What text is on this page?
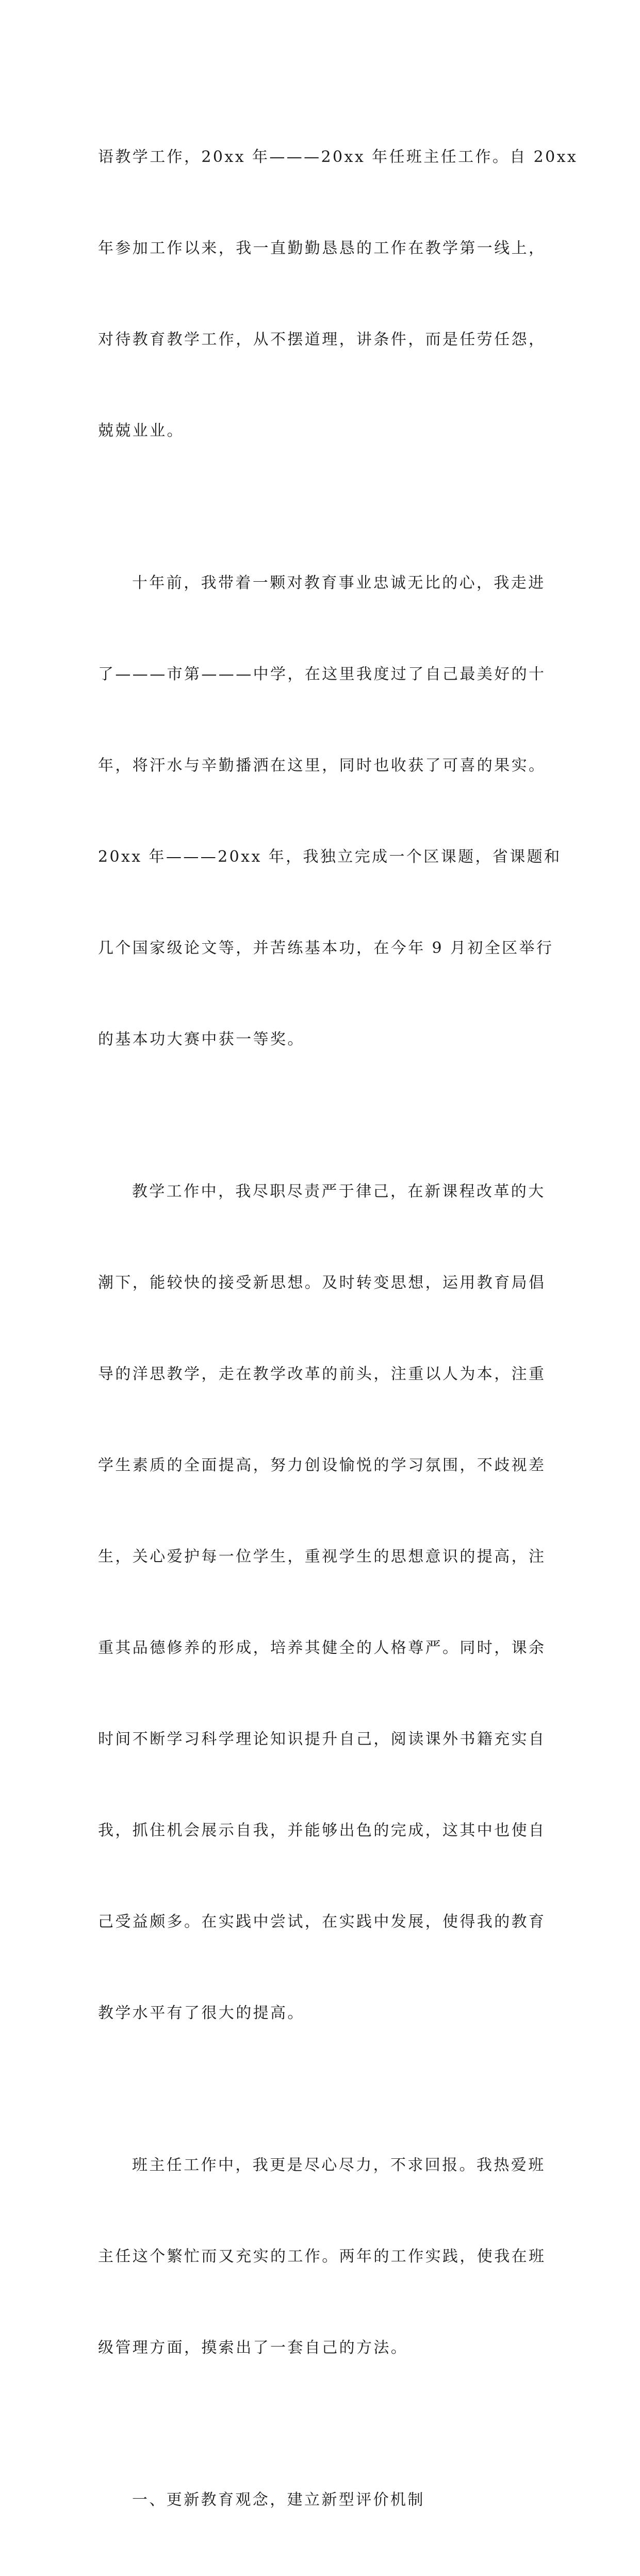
语教学工作，20xx 年———20xx 年任班主任工作。自 20xx

年参加工作以来，我一直勤勤恳恳的工作在教学第一线上，

对待教育教学工作，从不摆道理，讲条件，而是任劳任怨，

兢兢业业。

十年前，我带着一颗对教育事业忠诚无比的心，我走进

了———市第———中学，在这里我度过了自己最美好的十

年，将汗水与辛勤播洒在这里，同时也收获了可喜的果实。

20xx 年———20xx 年，我独立完成一个区课题，省课题和

几个国家级论文等，并苦练基本功，在今年 9 月初全区举行

的基本功大赛中获一等奖。

教学工作中，我尽职尽责严于律己，在新课程改革的大

潮下，能较快的接受新思想。及时转变思想，运用教育局倡

导的洋思教学，走在教学改革的前头，注重以人为本，注重

学生素质的全面提高，努力创设愉悦的学习氛围，不歧视差

生，关心爱护每一位学生，重视学生的思想意识的提高，注

重其品德修养的形成，培养其健全的人格尊严。同时，课余

时间不断学习科学理论知识提升自己，阅读课外书籍充实自

我，抓住机会展示自我，并能够出色的完成，这其中也使自

己受益颇多。在实践中尝试，在实践中发展，使得我的教育

教学水平有了很大的提高。

班主任工作中，我更是尽心尽力，不求回报。我热爱班

主任这个繁忙而又充实的工作。两年的工作实践，使我在班

级管理方面，摸索出了一套自己的方法。

一、更新教育观念，建立新型评价机制
